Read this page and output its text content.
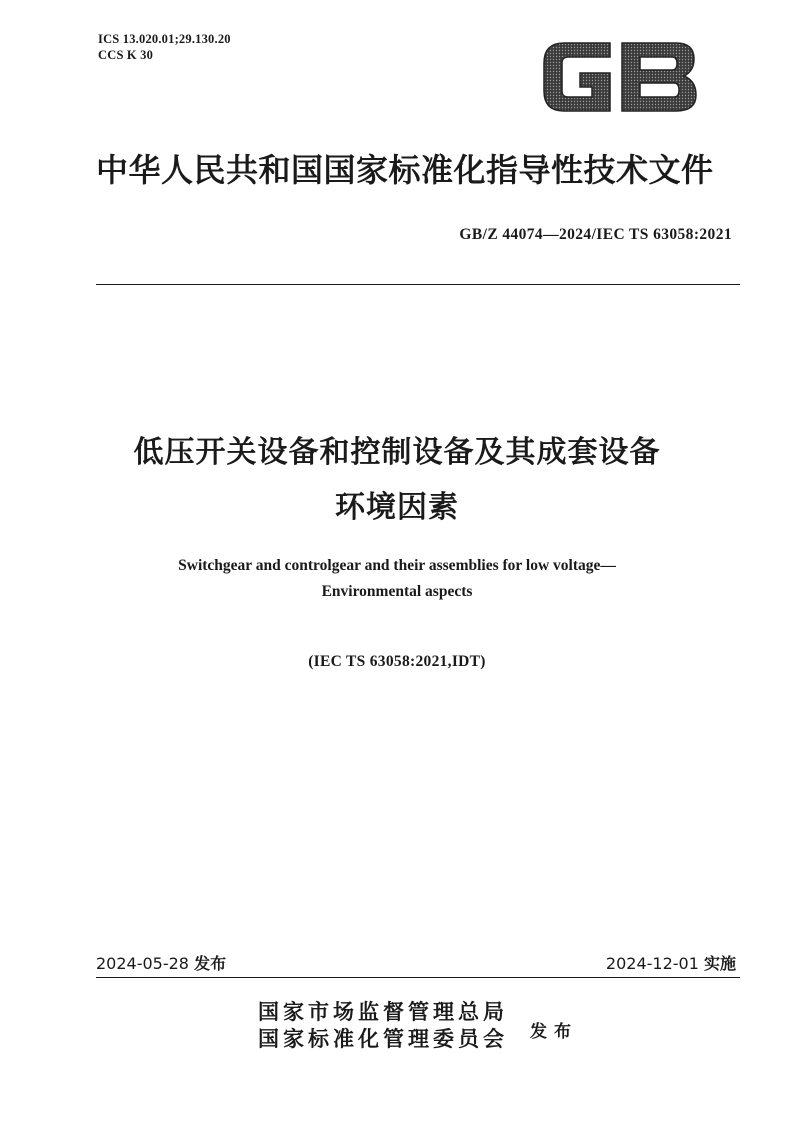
ICS 13.020.01;29.130.20
CCS K 30
中华人民共和国国家标准化指导性技术文件
GB/Z 44074—2024/IEC TS 63058:2021
低压开关设备和控制设备及其成套设备
环境因素
Switchgear and controlgear and their assemblies for low voltage—
Environmental aspects
(IEC TS 63058:2021,IDT)
2024-05-28 发布	2024-12-01 实施
国家市场监督管理总局
国家标准化管理委员会 发布
